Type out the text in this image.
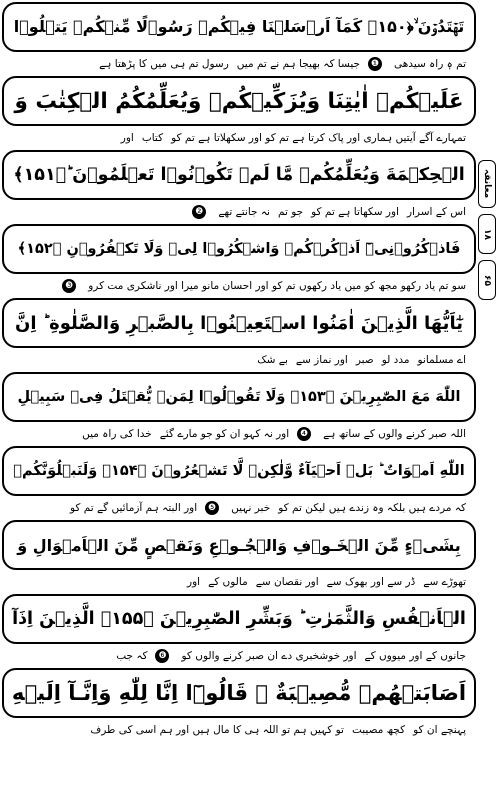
تَهۡتَدُوۡنَ ۙ﴿۱۵۰﴾ كَمَآ اَرۡسَلۡنَا فِيۡكُمۡ رَسُوۡلًا مِّنۡكُمۡ يَتۡلُوۡا
تم ہٖ راہ سیدھی
❶
جیسا کہ بھیجا ہم نے تم میں
رسول تم ہی میں کا پڑھتا ہے
عَلَيۡكُمۡ اٰيٰتِنَا وَيُزَكِّيۡكُمۡ وَيُعَلِّمُكُمُ الۡكِتٰبَ وَ
تمہارے آگے آیتیں ہماری اور پاک کرتا ہے تم کو اور سکھلاتا ہے تم کو
کتاب
اور
الۡحِكۡمَةَ وَيُعَلِّمُكُمۡ مَّا لَمۡ تَكُوۡنُوۡا تَعۡلَمُوۡنَ ؕ﴿۱۵۱﴾
اس کے اسرار
اور سکھاتا ہے تم کو
جو تم
نہ جانتے تھے
❷
فَاذۡكُرُوۡنِىۡٓ اَذۡكُرۡكُمۡ وَاشۡكُرُوۡا لِىۡ وَلَا تَكۡفُرُوۡنِ ﴿۱۵۲﴾
سو تم یاد رکھو مجھ کو میں یاد رکھوں تم کو اور احسان مانو میرا اور ناشکری مت کرو
❸
يٰٓاَيُّهَا الَّذِيۡنَ اٰمَنُوا اسۡتَعِيۡنُوۡا بِالصَّبۡرِ وَالصَّلٰوةِ ؕ اِنَّ
اے مسلمانو
مدد لو
صبر
اور نماز سے
بے شک
اللّٰهَ مَعَ الصّٰبِرِيۡنَ ﴿۱۵۳﴾ وَلَا تَقُوۡلُوۡا لِمَنۡ يُّقۡتَلُ فِىۡ سَبِيۡلِ
اللہ صبر کرنے والوں کے ساتھ ہے
❹
اور نہ کہو ان کو جو مارے گئے
خدا کی راہ میں
اللّٰهِ اَمۡوَاتٌ ؕ بَلۡ اَحۡيَآءٌ وَّلٰكِنۡ لَّا تَشۡعُرُوۡنَ ﴿۱۵۴﴾ وَلَنَبۡلُوَنَّكُمۡ
کہ مردے ہیں بلکہ وہ زندے ہیں لیکن تم کو
خبر نہیں
❺
اور البتہ ہم آزمائیں گے تم کو
بِشَىۡءٍ مِّنَ الۡخَـوۡفِ وَالۡجُـوۡعِ وَنَقۡصٍ مِّنَ الۡاَمۡوَالِ وَ
تھوڑے سے
ڈر سے اور بھوک سے
اور نقصان سے
مالوں کے
اور
الۡاَنۡفُسِ وَالثَّمَرٰتِ ؕ وَبَشِّرِ الصّٰبِرِيۡنَ ﴿۱۵۵﴾ الَّذِيۡنَ اِذَآ
جانوں کے اور میووں کے
اور خوشخبری دے ان صبر کرنے والوں کو
❻
کہ جب
اَصَابَتۡهُمۡ مُّصِيۡبَةٌ ۙ قَالُوۡٓا اِنَّا لِلّٰهِ وَاِنَّـآ اِلَيۡهِ
پہنچے ان کو
کچھ مصیبت
تو کہیں ہم تو اللہ ہی کا مال ہیں اور ہم اسی کی طرف
معانقہ
۱۸
۶۵
